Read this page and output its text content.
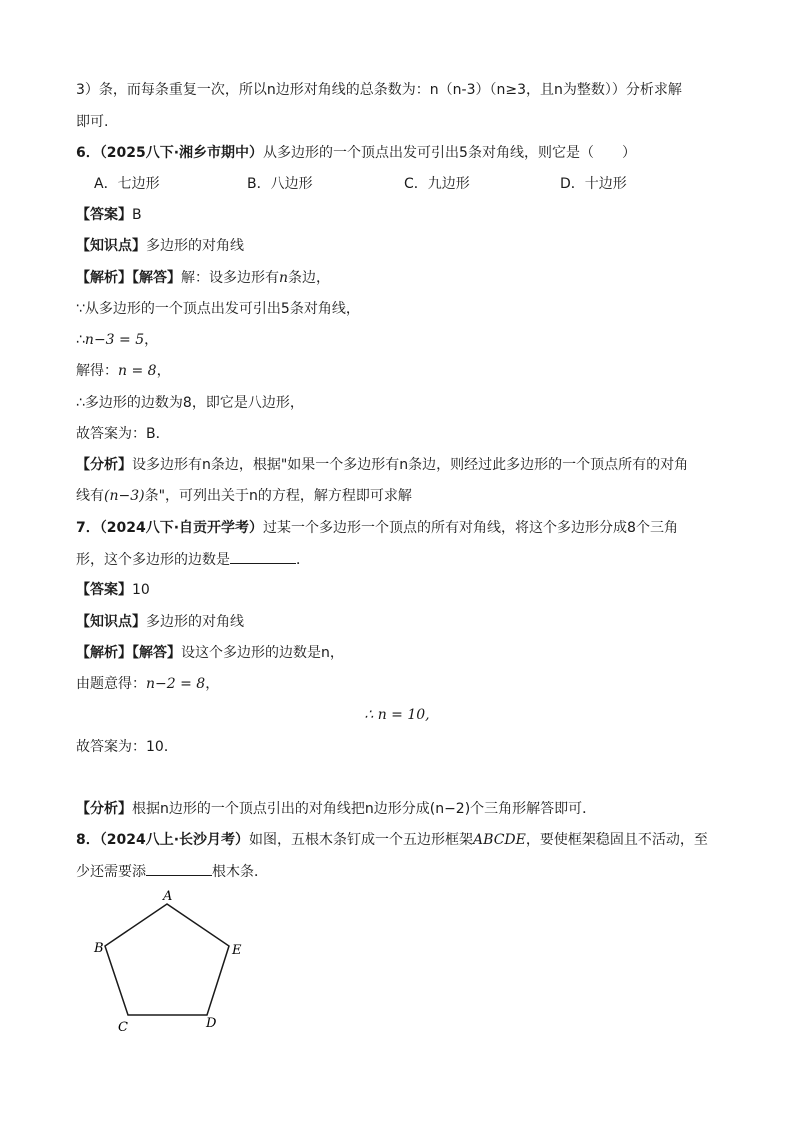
3）条，而每条重复一次，所以n边形对角线的总条数为：n（n-3）（n≥3，且n为整数））分析求解
即可.
6．（2025八下·湘乡市期中）从多边形的一个顶点出发可引出5条对角线，则它是（　　）
A．七边形	B．八边形	C．九边形	D．十边形
【答案】B
【知识点】多边形的对角线
【解析】【解答】解：设多边形有n条边，
∵从多边形的一个顶点出发可引出5条对角线，
∴n−3 = 5，
解得：n = 8，
∴多边形的边数为8，即它是八边形，
故答案为：B．
【分析】设多边形有n条边，根据"如果一个多边形有n条边，则经过此多边形的一个顶点所有的对角
线有(n−3)条"，可列出关于n的方程，解方程即可求解
7．（2024八下·自贡开学考）过某一个多边形一个顶点的所有对角线，将这个多边形分成8个三角
形，这个多边形的边数是	．
【答案】10
【知识点】多边形的对角线
【解析】【解答】设这个多边形的边数是n，
由题意得：n−2 = 8，
∴ n = 10,
故答案为：10．
【分析】根据n边形的一个顶点引出的对角线把n边形分成(n−2)个三角形解答即可．
8．（2024八上·长沙月考）如图，五根木条钉成一个五边形框架ABCDE，要使框架稳固且不活动，至
少还需要添	根木条．
A
B
C	D
E
